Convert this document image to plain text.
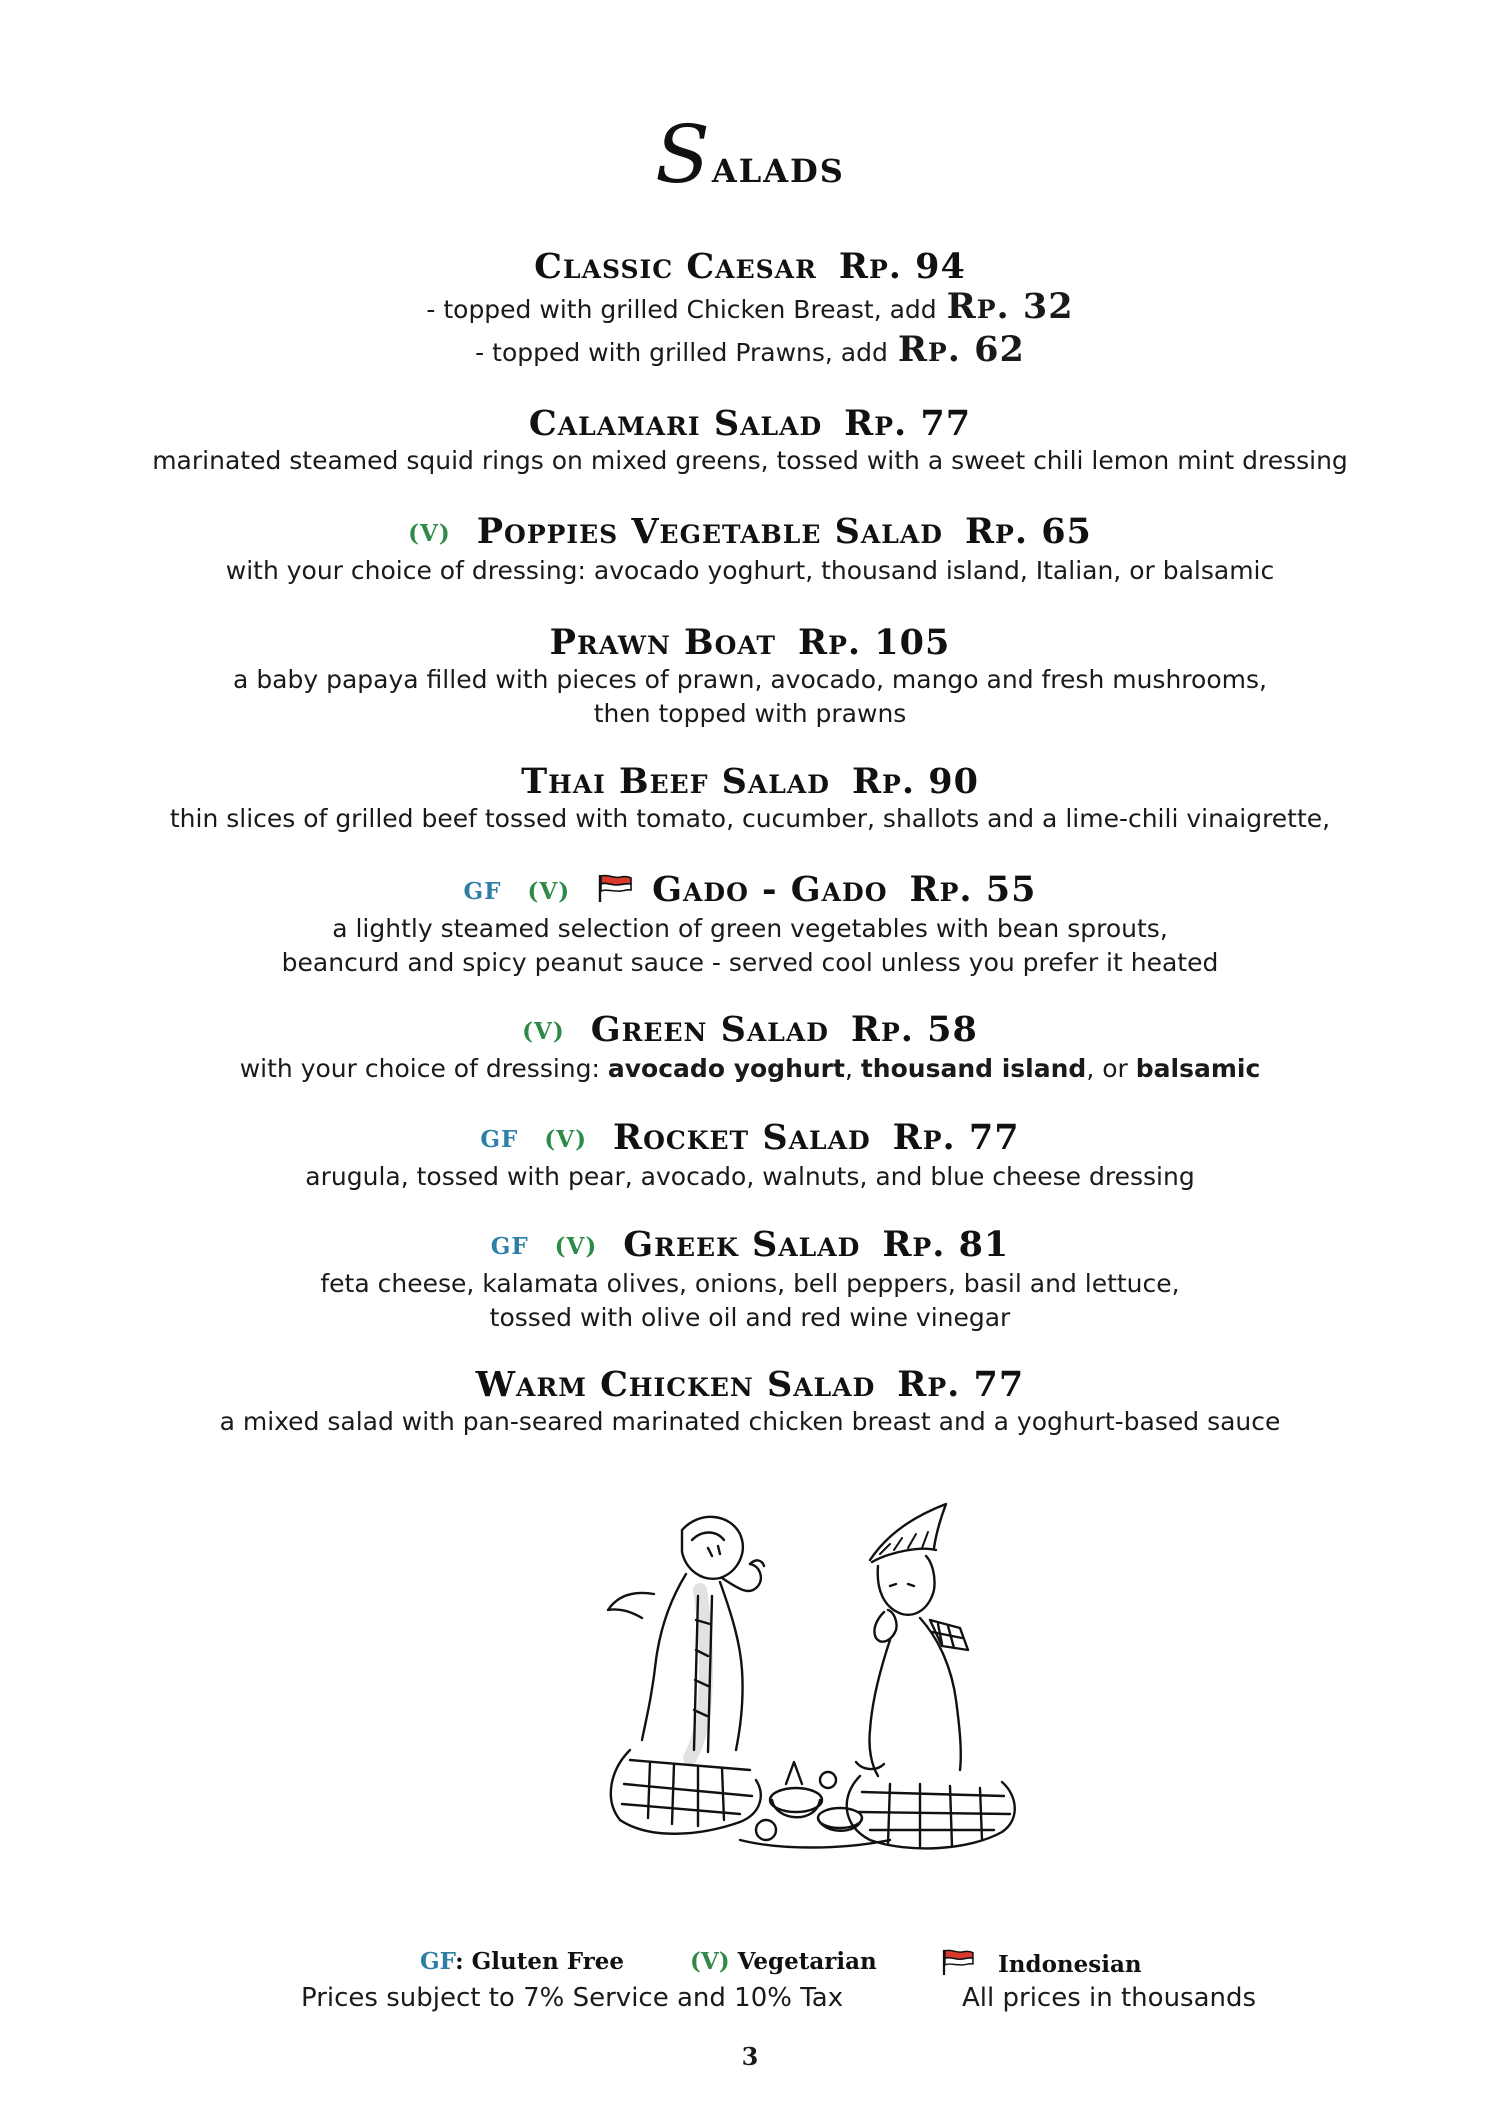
Salads
Classic Caesar Rp. 94
- topped with grilled Chicken Breast, add Rp. 32
- topped with grilled Prawns, add Rp. 62
Calamari Salad Rp. 77
marinated steamed squid rings on mixed greens, tossed with a sweet chili lemon mint dressing
(V) Poppies Vegetable Salad Rp. 65
with your choice of dressing: avocado yoghurt, thousand island, Italian, or balsamic
Prawn Boat Rp. 105
a baby papaya filled with pieces of prawn, avocado, mango and fresh mushrooms,
then topped with prawns
Thai Beef Salad Rp. 90
thin slices of grilled beef tossed with tomato, cucumber, shallots and a lime-chili vinaigrette,
GF (V) Gado - Gado Rp. 55
a lightly steamed selection of green vegetables with bean sprouts,
beancurd and spicy peanut sauce - served cool unless you prefer it heated
(V) Green Salad Rp. 58
with your choice of dressing: avocado yoghurt, thousand island, or balsamic
GF (V) Rocket Salad Rp. 77
arugula, tossed with pear, avocado, walnuts, and blue cheese dressing
GF (V) Greek Salad Rp. 81
feta cheese, kalamata olives, onions, bell peppers, basil and lettuce,
tossed with olive oil and red wine vinegar
Warm Chicken Salad Rp. 77
a mixed salad with pan-seared marinated chicken breast and a yoghurt-based sauce
GF: Gluten Free	(V) Vegetarian	Indonesian
Prices subject to 7% Service and 10% Tax	All prices in thousands
3
